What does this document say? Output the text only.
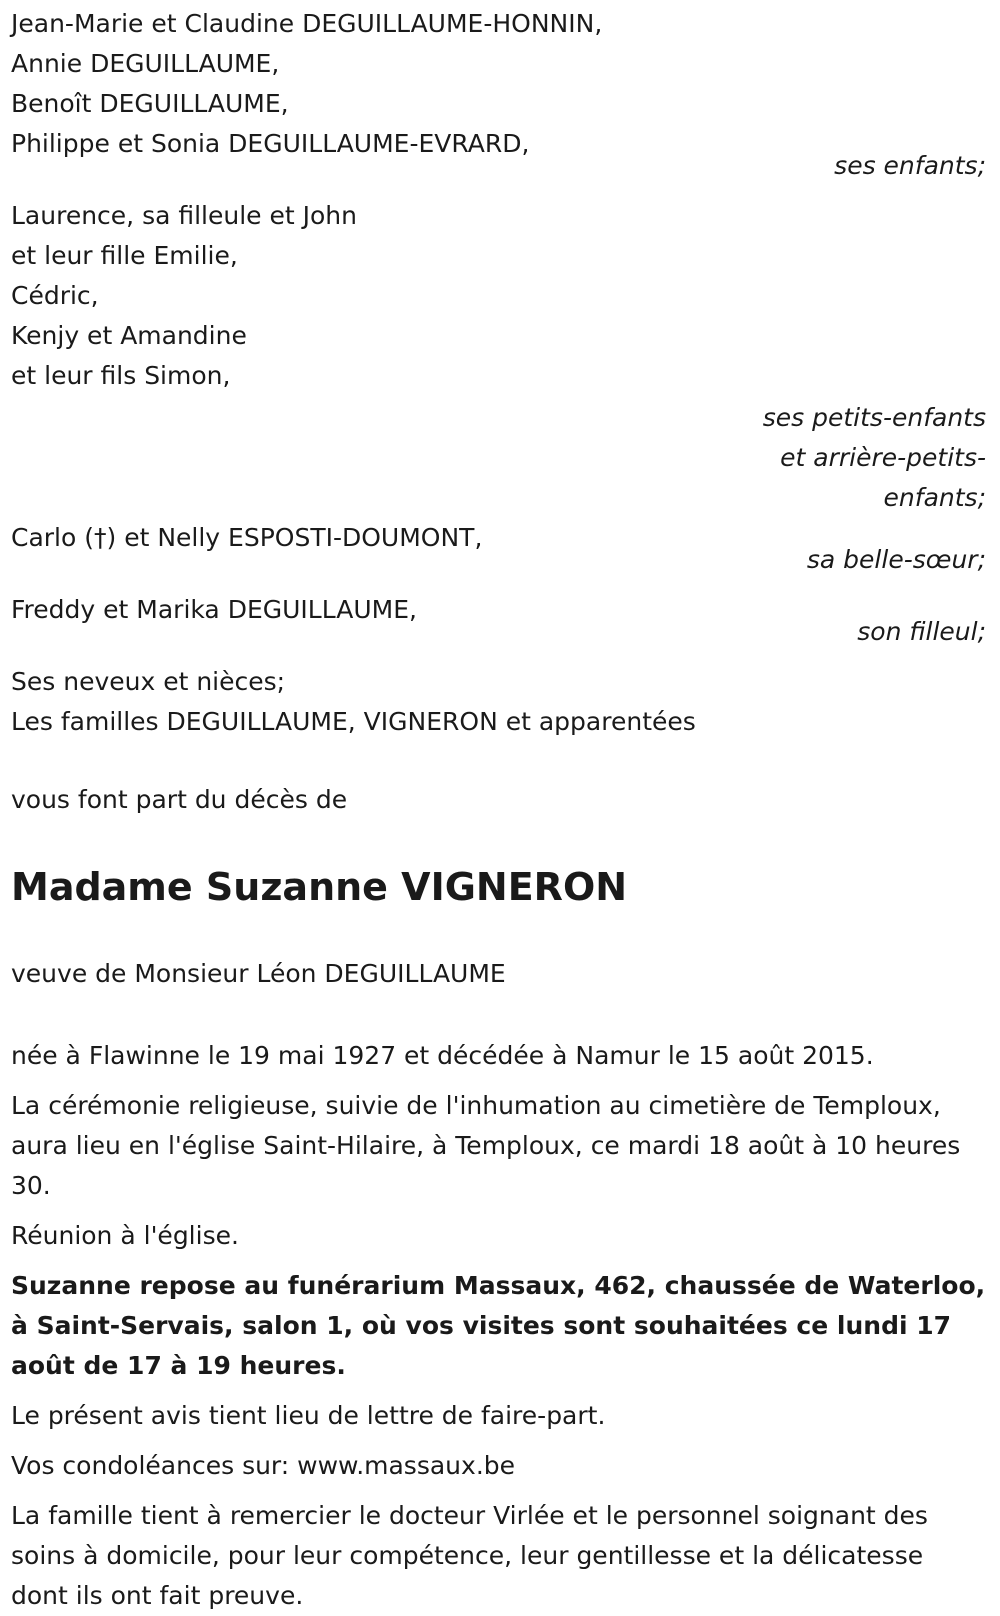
Jean-Marie et Claudine DEGUILLAUME-HONNIN,
Annie DEGUILLAUME,
Benoît DEGUILLAUME,
Philippe et Sonia DEGUILLAUME-EVRARD,
ses enfants;
Laurence, sa filleule et John
et leur fille Emilie,
Cédric,
Kenjy et Amandine
et leur fils Simon,
ses petits-enfants
et arrière-petits-
enfants;
Carlo (†) et Nelly ESPOSTI-DOUMONT,
sa belle-sœur;
Freddy et Marika DEGUILLAUME,
son filleul;
Ses neveux et nièces;
Les familles DEGUILLAUME, VIGNERON et apparentées
vous font part du décès de
Madame Suzanne VIGNERON
veuve de Monsieur Léon DEGUILLAUME

née à Flawinne le 19 mai 1927 et décédée à Namur le 15 août 2015.

La cérémonie religieuse, suivie de l'inhumation au cimetière de Temploux, aura lieu en l'église Saint-Hilaire, à Temploux, ce mardi 18 août à 10 heures 30.

Réunion à l'église.

Suzanne repose au funérarium Massaux, 462, chaussée de Waterloo, à Saint-Servais, salon 1, où vos visites sont souhaitées ce lundi 17 août de 17 à 19 heures.

Le présent avis tient lieu de lettre de faire-part.

Vos condoléances sur: www.massaux.be

La famille tient à remercier le docteur Virlée et le personnel soignant des soins à domicile, pour leur compétence, leur gentillesse et la délicatesse dont ils ont fait preuve.
